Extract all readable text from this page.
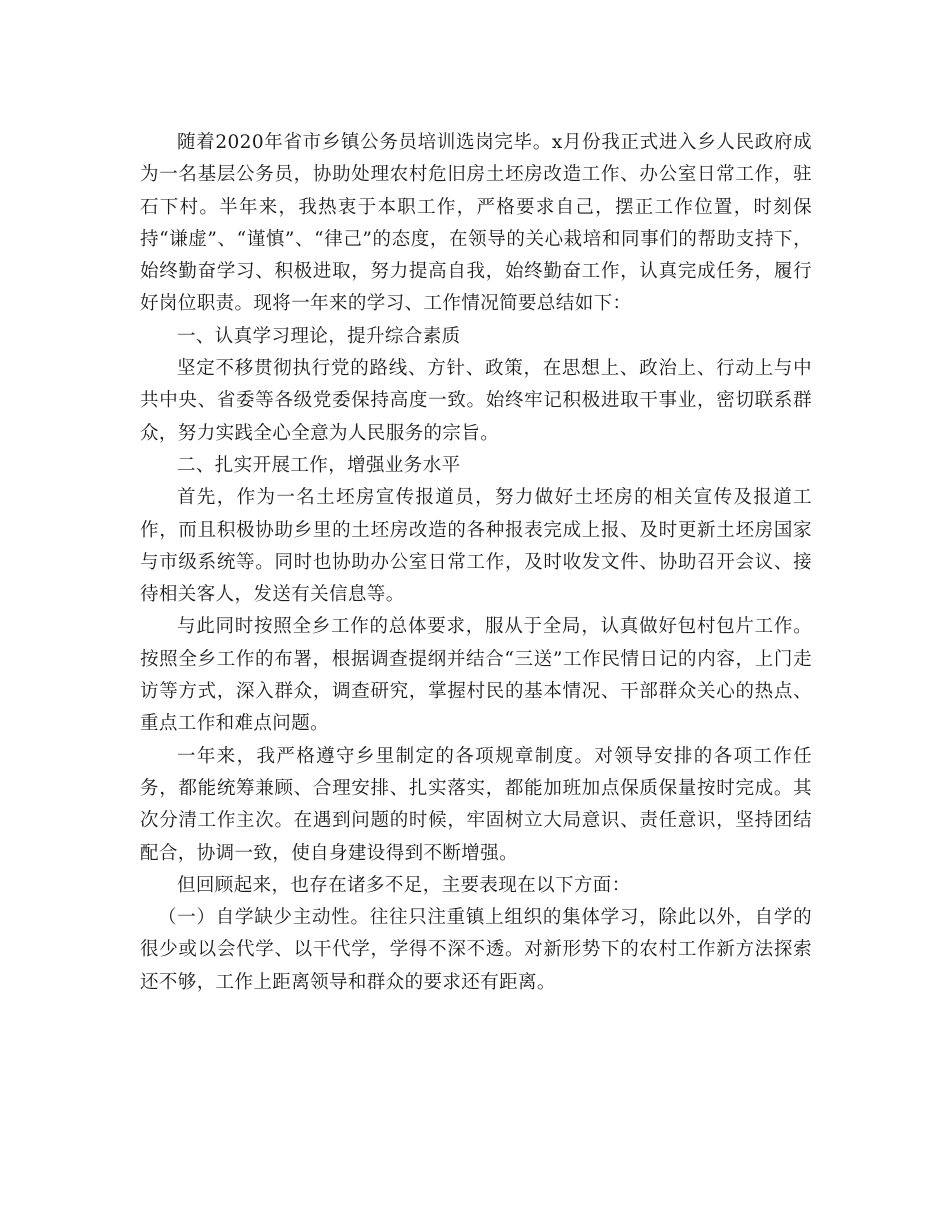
随着2020年省市乡镇公务员培训选岗完毕。x月份我正式进入乡人民政府成为一名基层公务员，协助处理农村危旧房土坯房改造工作、办公室日常工作，驻石下村。半年来，我热衷于本职工作，严格要求自己，摆正工作位置，时刻保持“谦虚”、“谨慎”、“律己”的态度，在领导的关心栽培和同事们的帮助支持下，始终勤奋学习、积极进取，努力提高自我，始终勤奋工作，认真完成任务，履行好岗位职责。现将一年来的学习、工作情况简要总结如下：

一、认真学习理论，提升综合素质

坚定不移贯彻执行党的路线、方针、政策，在思想上、政治上、行动上与中共中央、省委等各级党委保持高度一致。始终牢记积极进取干事业，密切联系群众，努力实践全心全意为人民服务的宗旨。

二、扎实开展工作，增强业务水平

首先，作为一名土坯房宣传报道员，努力做好土坯房的相关宣传及报道工作，而且积极协助乡里的土坯房改造的各种报表完成上报、及时更新土坯房国家与市级系统等。同时也协助办公室日常工作，及时收发文件、协助召开会议、接待相关客人，发送有关信息等。

与此同时按照全乡工作的总体要求，服从于全局，认真做好包村包片工作。按照全乡工作的布署，根据调查提纲并结合“三送”工作民情日记的内容，上门走访等方式，深入群众，调查研究，掌握村民的基本情况、干部群众关心的热点、重点工作和难点问题。

一年来，我严格遵守乡里制定的各项规章制度。对领导安排的各项工作任务，都能统筹兼顾、合理安排、扎实落实，都能加班加点保质保量按时完成。其次分清工作主次。在遇到问题的时候，牢固树立大局意识、责任意识，坚持团结配合，协调一致，使自身建设得到不断增强。

但回顾起来，也存在诸多不足，主要表现在以下方面：

（一）自学缺少主动性。往往只注重镇上组织的集体学习，除此以外，自学的很少或以会代学、以干代学，学得不深不透。对新形势下的农村工作新方法探索还不够，工作上距离领导和群众的要求还有距离。
